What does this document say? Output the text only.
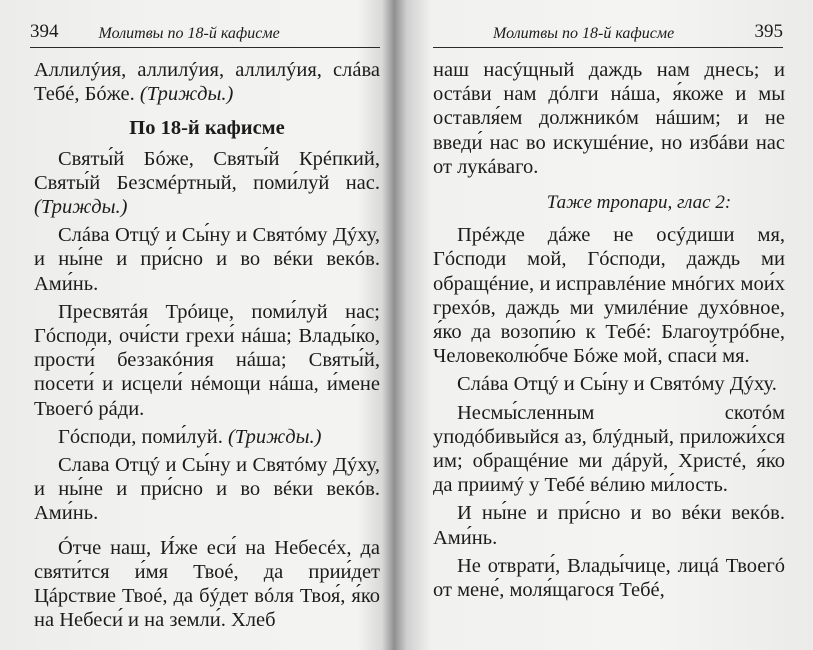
394	Молитвы по 18-й кафисме

Аллилýия, аллилýия, аллилýия, слáва Тебé, Бóже. (Трижды.)

По 18-й кафисме

Святы́й Бóже, Святы́й Крéпкий, Святы́й Безсмéртный, поми́луй нас. (Трижды.)

Слáва Отцý и Сы́ну и Святóму Дýху, и ны́не и при́сно и во вéки векóв. Ами́нь.

Пресвятáя Трóице, поми́луй нас; Гóсподи, очи́сти грехи́ нáша; Влады́ко, прости́ беззакóния нáша; Святы́й, посети́ и исцели́ нéмощи нáша, и́мене Твоегó рáди.

Гóсподи, поми́луй. (Трижды.)

Слава Отцý и Сы́ну и Святóму Дýху, и ны́не и при́сно и во вéки векóв. Ами́нь.

Óтче наш, И́же еси́ на Небесéх, да святи́тся и́мя Твоé, да прии́дет Цáрствие Твоé, да бýдет вóля Твоя́, я́ко на Небеси́ и на земли́. Хлеб

Молитвы по 18-й кафисме	395

наш насýщный даждь нам днесь; и остáви нам дóлги нáша, я́коже и мы оставля́ем должникóм нáшим; и не введи́ нас во искушéние, но избáви нас от лукáваго.

Таже тропари, глас 2:

Прéжде дáже не осýдиши мя, Гóсподи мой, Гóсподи, даждь ми обращéние, и исправлéние мнóгих мои́х грехóв, даждь ми умилéние духóвное, я́ко да возопи́ю к Тебé: Благоутрóбне, Человеколю́бче Бóже мой, спаси́ мя.

Слáва Отцý и Сы́ну и Святóму Дýху.

Несмы́сленным скотóм уподóбивыйся аз, блýдный, приложи́хся им; обращéние ми дáруй, Христé, я́ко да приимý у Тебé вéлию ми́лость.

И ны́не и при́сно и во вéки векóв. Ами́нь.

Не отврати́, Влады́чице, лицá Твоегó от мене́, моля́щагося Тебé,
